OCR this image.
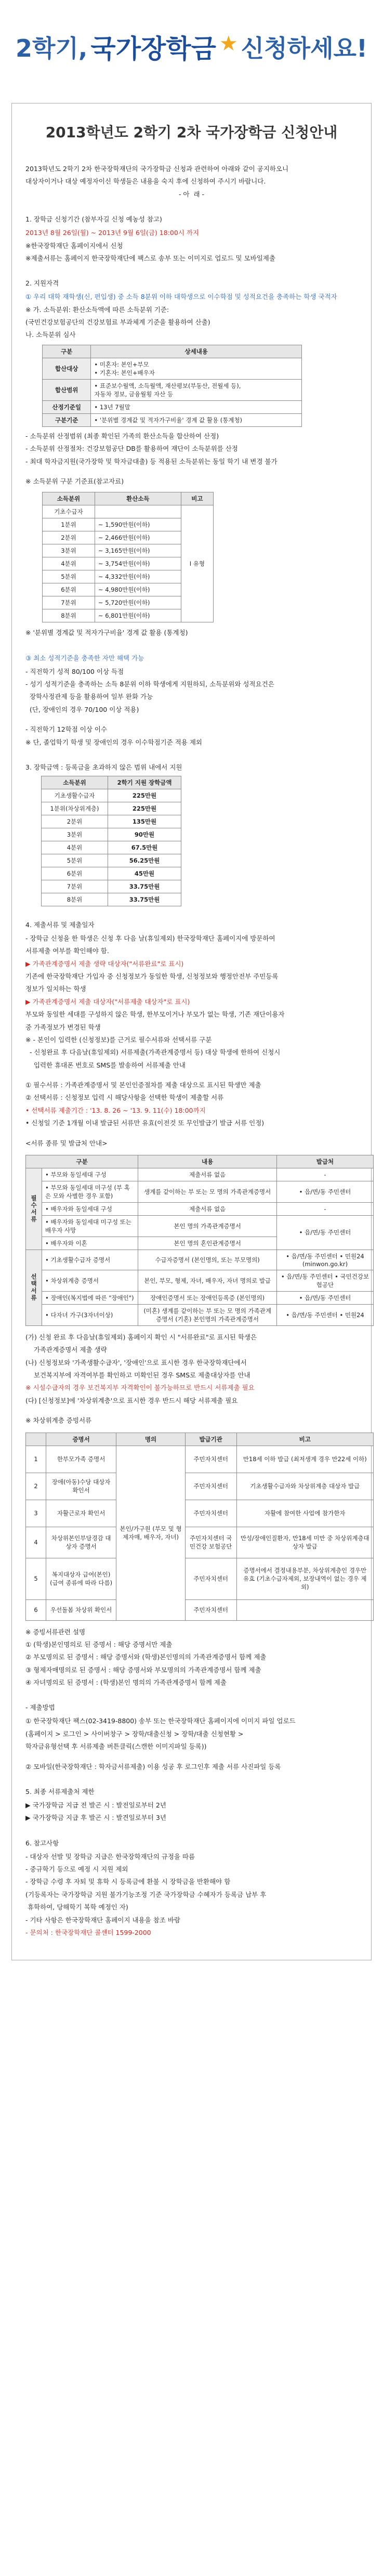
2학기, 국가장학금 ★ 신청하세요!
2013학년도 2학기 2차 국가장학금 신청안내

2013학년도 2학기 2차 한국장학재단의 국가장학금 신청과 관련하여 아래와 같이 공지하오니

대상자이거나 대상 예정자이신 학생들은 내용을 숙지 후에 신청하여 주시기 바랍니다.

- 아  래 -

1. 장학금 신청기간 (참부자길 신청 예농성 참고)

2013년 8월 26일(월) ~ 2013년 9월 6일(금) 18:00시 까지

※한국장학재단 홈페이지에서 신청

※제출서류는 홈페이지 한국장학재단에 팩스로 송부 또는 이미지로 업로드 및 모바일제출

2. 지원자격

① 우리 대학 재학생(신, 편입생) 중 소득 8분위 이하 대학생으로 이수학점 및 성적요건을 충족하는 학생 국적자

※ 가. 소득분위: 환산소득액에 따른 소득분위 기준:

(국민건강보험공단의 건강보험료 부과체계 기준을 활용하여 산출)

나. 소득분위 심사

구분	상세내용
합산대상	• 미혼자: 본인+부모
• 기혼자: 본인+배우자

합산범위	• 표준보수월액, 소득월액, 재산평보(부동산, 전월세 등),
자동차 정보, 금융월횡 자산 등

산정기준일	• 13년 7월말
구분기준	• '분위별 경계값 및 적자가구비율' 경계 값 활용 (통계청)

- 소득분위 산정범위 (최종 확인된 가족의 환산소득을 합산하여 산정)

- 소득분위 산정절차: 건강보험공단 DB를 활용하여 재단이 소득분위를 산정

- 최대 학자금지원(국가장학 및 학자금대출) 등 적용된 소득분위는 동일 학기 내 변경 불가

※ 소득분위 구분 기준표(참고자료)

소득분위	환산소득	비고
기초수급자		Ⅰ 유형
1분위	~ 1,590만원(이하)	
2분위	~ 2,466만원(이하)	
3분위	~ 3,165만원(이하)	
4분위	~ 3,754만원(이하)	
5분위	~ 4,332만원(이하)	
6분위	~ 4,980만원(이하)	
7분위	~ 5,720만원(이하)	
8분위	~ 6,801만원(이하)	

※ '분위별 경계값 및 적자가구비율' 경계 값 활용 (통계청)

③ 최소 성적기준을 충족한 자만 해택 가능

- 직전학기 성적 80/100 이상 득점

- 성기 성적기준을 충족하는 소득 8분위 이하 학생에게 지원하되, 소득분위와 성적요건은

장학사정관제 등을 활용하여 일부 완화 가능

(단, 장애인의 경우 70/100 이상 적용)

- 직전학기 12학점 이상 이수

※ 단, 졸업학기 학생 및 장애인의 경우 이수학점기준 적용 제외

3. 장학금액 : 등록금을 초과하지 않은 범위 내에서 지원
소득분위	2학기 지원 장학금액
기초생활수급자	225만원
1분위(차상위계층)	225만원
2분위	135만원
3분위	90만원
4분위	67.5만원
5분위	56.25만원
6분위	45만원
7분위	33.75만원
8분위	33.75만원
4. 제출서류 및 제출일자

- 장학금 신청을 한 학생은 신청 후 다음 날(휴일제외) 한국장학재단 홈페이지에 방문하여

서류제출 여부를 확인해야 함.

▶ 가족관계증명서 제출 생략 대상자("서류완료"로 표시)

기존에 한국장학재단 가입자 중 신청정보가 동일한 학생, 신청정보와 행정안전부 주민등록

정보가 일치하는 학생

▶ 가족관계증명서 제출 대상자("서류제출 대상자"로 표시)

부모와 동일한 세대를 구성하지 않은 학생, 한부모이거나 부모가 없는 학생, 기존 재단이용자

중 가족정보가 변경된 학생

※ - 본인이 입력한 (신청정보)를 근거로 필수서류와 선택서류 구분

- 신청완료 후 다음날(휴일제외) 서류제출(가족관계증명서 등) 대상 학생에 한하여 신청시

입력한 휴대폰 번호로 SMS를 발송하여 서류제출 안내

① 필수서류 : 가족관계증명서 및 본인인증절차를 제출 대상으로 표시된 학생만 제출

② 선택서류 : 신청정보 입력 시 해당사항을 선택한 학생이 제출할 서류

• 선택서류 제출기간 : '13. 8. 26 ~ '13. 9. 11(수) 18:00까지

• 신청일 기준 1개월 이내 발급된 서류만 유효(이전것 또 무인발급기 발급 서류 인정)

<서류 종류 및 발급처 안내>

구분		내용	발급처
필수서류	• 부모와 동일세대 구성	제출서류 없음	-
	• 부모와 동일세대 미구성 (부 혹은 모와 사별한 경우 포함)	생계를 같이하는 부 또는 모 명의 가족관계증명서	• 읍/면/동 주민센터
	• 배우자와 동일세대 구성	제출서류 없음	-
	• 배우자와 동일세대 미구성 또는 배우자 사망	본인 명의 가족관계증명서	• 읍/면/동 주민센터
	• 배우자와 이혼	본인 명의 혼인관계증명서	
선택서류	• 기초생활수급자 증명서	수급자증명서 (본인명의, 또는 부모명의)	• 읍/면/동 주민센터 • 민원24 (minwon.go.kr)
	• 차상위계층 증명서	본인, 부모, 형제, 자녀, 배우자, 자녀 명의로 발급	• 읍/면/동 주민센터 • 국민건강보험공단
	• 장애인(복지법에 따른 "장애인")	장애인증명서 또는 장애인등록증 (본인명의)	• 읍/면/동 주민센터
	• 다자녀 가구(3자녀이상)	(미혼) 생계를 같이하는 부 또는 모 명의 가족관계증명서 (기혼) 본인명의 가족관계증명서	• 읍/면/동 주민센터 • 민원24

(가) 신청 완료 후 다음날(휴일제외) 홈페이지 확인 시 "서류완료"로 표시된 학생은

가족관계증명서 제출 생략

(나) 신청정보와 '가족생활수급자', '장애인'으로 표시한 경우 한국장학재단에서

보건복지부에 자격여부를 확인하고 미확인된 경우 SMS로 제출대상자를 안내

※ 시설수급자의 경우 보건복지부 자격확인이 불가능하므로 반드시 서류제출 필요

(다) [신청정보]에 '차상위계층'으로 표시한 경우 반드시 해당 서류제출 필요

※ 차상위계층 증빙서류

	증명서	명의	발급기관	비고
1	한부모가족 증명서	본인/가구원 (부모 및 형제자매, 배우자, 자녀)	주민자치센터	만18세 이하 발급 (최저생계 경우 만22세 이하)
2	장애(아동)수당 대상자 확인서		주민자치센터	기초생활수급자와 차상위계층 대상자 발급
3	자활근로자 확인서		주민자치센터	자활에 참여한 사업에 참가한자
4	차상위본인부담경감 대상자 증명서		주민자치센터 국민건강 보험공단	만성/장애인질환자, 만18세 미만 중 차상위계층대상자 발급
5	복지대상자 급여(본인)(급여 종류에 따라 다름)		주민자치센터	증명서에서 결정내용부분, 차상위계층인 경우만 유효 (기초수급자제외, 보장내역이 없는 경우 제외)
6	우선돌봄 차상위 확인서		주민자치센터	

※ 증빙서류관련 설명

① (학생)본인명의로 된 증명서 : 해당 증명서만 제출

② 부모명의로 된 증명서 : 해당 증명서와 (학생)본인명의의 가족관계증명서 함께 제출

③ 형제자매명의로 된 증명서 : 해당 증명서와 부모명의의 가족관계증명서 함께 제출

④ 자녀명의로 된 증명서 : (학생)본인 명의의 가족관계증명서 함께 제출

- 제출방법

① 한국장학재단 팩스(02-3419-8800) 송부 또는 한국장학재단 홈페이지에 이미지 파일 업로드

(홈페이지 > 로그인 > 사이버창구 > 장학/대출신청 > 장학/대출 신청현황 >

학자금유형선택 후 서류제출 버튼클릭(스캔한 이미지파일 등록))

② 모바일(한국장학재단 : 학자금서류제출) 이용 성공 후 로그인후 제출 서류 사진파일 등록

5. 최종 서류제출처 제한

▶ 국가장학금 지급 전 발곤 시 : 발전일로부터 2년

▶ 국가장학금 지급 후 발곤 시 : 발견일로부터 3년

6. 참고사항

- 대상자 선발 및 장학금 지급은 한국장학재단의 규정을 따름

- 중규학기 등으로 예정 시 지원 제외

- 장학금 수령 후 자퇴 및 휴학 시 등록금에 환불 시 장학금을 반환해야 함

(기등록자는 국가장학금 지원 불가기능조정 기준 국가장학금 수혜자가 등록금 납부 후

휴학하여, 당해학기 복학 예정인 자)

- 기타 사항은 한국장학재단 홈페이지 내용을 참조 바람

- 문의처 : 한국장학재단 콜센터 1599-2000
